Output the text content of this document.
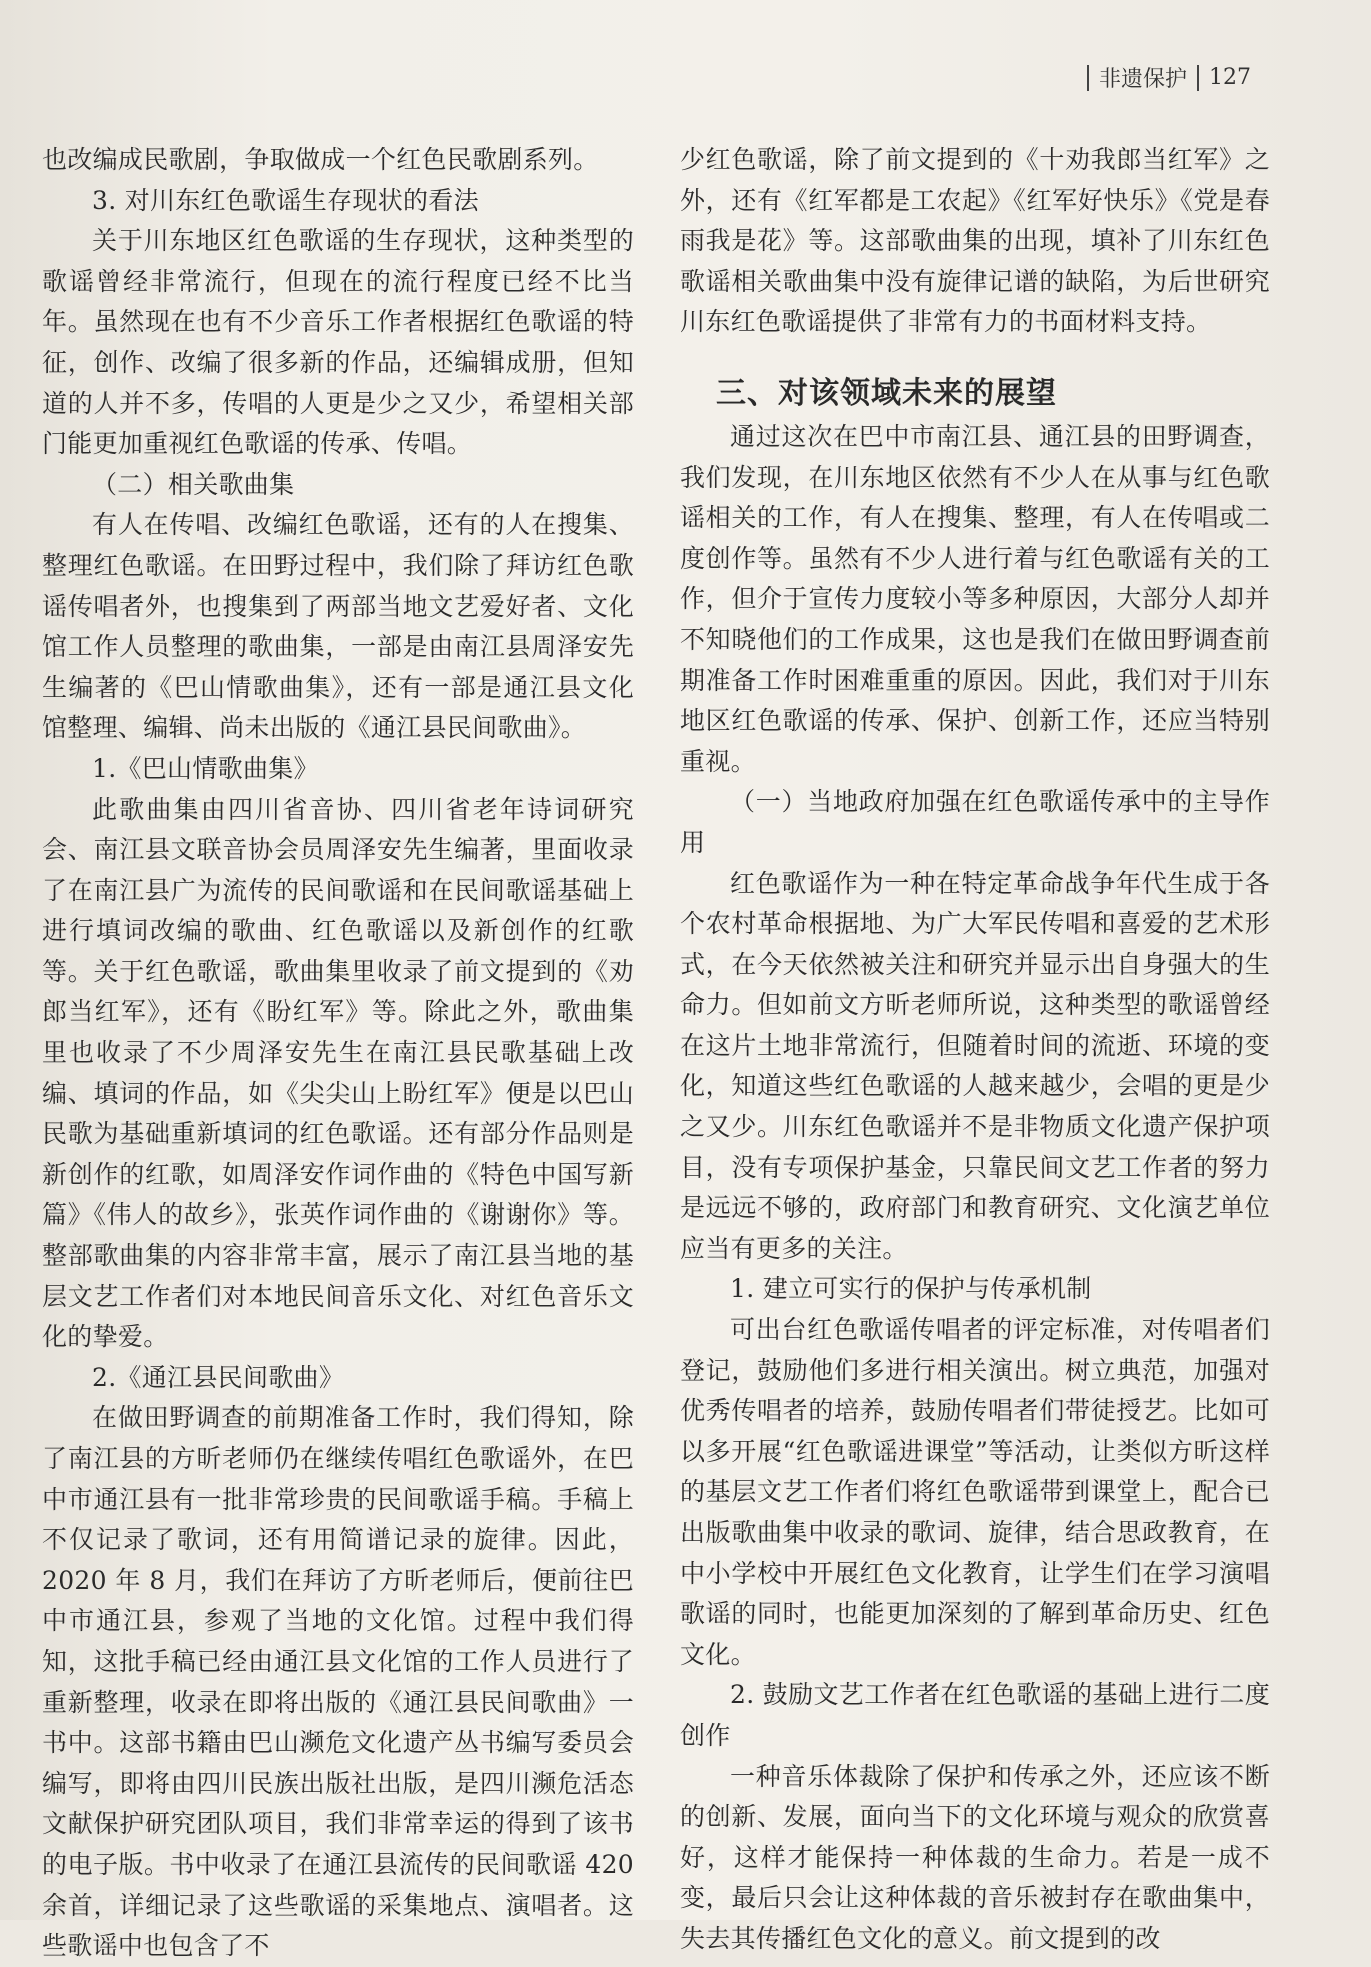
非遗保护 127

也改编成民歌剧，争取做成一个红色民歌剧系列。

3. 对川东红色歌谣生存现状的看法

关于川东地区红色歌谣的生存现状，这种类型的歌谣曾经非常流行，但现在的流行程度已经不比当年。虽然现在也有不少音乐工作者根据红色歌谣的特征，创作、改编了很多新的作品，还编辑成册，但知道的人并不多，传唱的人更是少之又少，希望相关部门能更加重视红色歌谣的传承、传唱。

（二）相关歌曲集

有人在传唱、改编红色歌谣，还有的人在搜集、整理红色歌谣。在田野过程中，我们除了拜访红色歌谣传唱者外，也搜集到了两部当地文艺爱好者、文化馆工作人员整理的歌曲集，一部是由南江县周泽安先生编著的《巴山情歌曲集》，还有一部是通江县文化馆整理、编辑、尚未出版的《通江县民间歌曲》。

1.《巴山情歌曲集》

此歌曲集由四川省音协、四川省老年诗词研究会、南江县文联音协会员周泽安先生编著，里面收录了在南江县广为流传的民间歌谣和在民间歌谣基础上进行填词改编的歌曲、红色歌谣以及新创作的红歌等。关于红色歌谣，歌曲集里收录了前文提到的《劝郎当红军》，还有《盼红军》等。除此之外，歌曲集里也收录了不少周泽安先生在南江县民歌基础上改编、填词的作品，如《尖尖山上盼红军》便是以巴山民歌为基础重新填词的红色歌谣。还有部分作品则是新创作的红歌，如周泽安作词作曲的《特色中国写新篇》《伟人的故乡》，张英作词作曲的《谢谢你》等。整部歌曲集的内容非常丰富，展示了南江县当地的基层文艺工作者们对本地民间音乐文化、对红色音乐文化的挚爱。

2.《通江县民间歌曲》

在做田野调查的前期准备工作时，我们得知，除了南江县的方昕老师仍在继续传唱红色歌谣外，在巴中市通江县有一批非常珍贵的民间歌谣手稿。手稿上不仅记录了歌词，还有用简谱记录的旋律。因此，2020 年 8 月，我们在拜访了方昕老师后，便前往巴中市通江县，参观了当地的文化馆。过程中我们得知，这批手稿已经由通江县文化馆的工作人员进行了重新整理，收录在即将出版的《通江县民间歌曲》一书中。这部书籍由巴山濒危文化遗产丛书编写委员会编写，即将由四川民族出版社出版，是四川濒危活态文献保护研究团队项目，我们非常幸运的得到了该书的电子版。书中收录了在通江县流传的民间歌谣 420 余首，详细记录了这些歌谣的采集地点、演唱者。这些歌谣中也包含了不

少红色歌谣，除了前文提到的《十劝我郎当红军》之外，还有《红军都是工农起》《红军好快乐》《党是春雨我是花》等。这部歌曲集的出现，填补了川东红色歌谣相关歌曲集中没有旋律记谱的缺陷，为后世研究川东红色歌谣提供了非常有力的书面材料支持。

三、对该领域未来的展望

通过这次在巴中市南江县、通江县的田野调查，我们发现，在川东地区依然有不少人在从事与红色歌谣相关的工作，有人在搜集、整理，有人在传唱或二度创作等。虽然有不少人进行着与红色歌谣有关的工作，但介于宣传力度较小等多种原因，大部分人却并不知晓他们的工作成果，这也是我们在做田野调查前期准备工作时困难重重的原因。因此，我们对于川东地区红色歌谣的传承、保护、创新工作，还应当特别重视。

（一）当地政府加强在红色歌谣传承中的主导作用

红色歌谣作为一种在特定革命战争年代生成于各个农村革命根据地、为广大军民传唱和喜爱的艺术形式，在今天依然被关注和研究并显示出自身强大的生命力。但如前文方昕老师所说，这种类型的歌谣曾经在这片土地非常流行，但随着时间的流逝、环境的变化，知道这些红色歌谣的人越来越少，会唱的更是少之又少。川东红色歌谣并不是非物质文化遗产保护项目，没有专项保护基金，只靠民间文艺工作者的努力是远远不够的，政府部门和教育研究、文化演艺单位应当有更多的关注。

1. 建立可实行的保护与传承机制

可出台红色歌谣传唱者的评定标准，对传唱者们登记，鼓励他们多进行相关演出。树立典范，加强对优秀传唱者的培养，鼓励传唱者们带徒授艺。比如可以多开展“红色歌谣进课堂”等活动，让类似方昕这样的基层文艺工作者们将红色歌谣带到课堂上，配合已出版歌曲集中收录的歌词、旋律，结合思政教育，在中小学校中开展红色文化教育，让学生们在学习演唱歌谣的同时，也能更加深刻的了解到革命历史、红色文化。

2. 鼓励文艺工作者在红色歌谣的基础上进行二度创作

一种音乐体裁除了保护和传承之外，还应该不断的创新、发展，面向当下的文化环境与观众的欣赏喜好，这样才能保持一种体裁的生命力。若是一成不变，最后只会让这种体裁的音乐被封存在歌曲集中，失去其传播红色文化的意义。前文提到的改
